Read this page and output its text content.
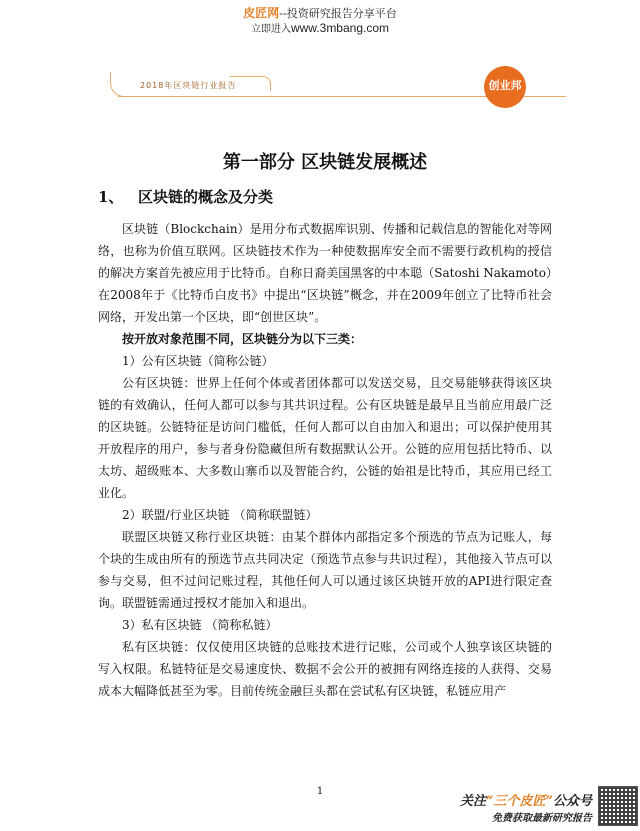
皮匠网--投资研究报告分享平台
立即进入www.3mbang.com
2018年区块链行业报告	创业邦
第一部分 区块链发展概述
1、 区块链的概念及分类

区块链（Blockchain）是用分布式数据库识别、传播和记载信息的智能化对等网络，也称为价值互联网。区块链技术作为一种使数据库安全而不需要行政机构的授信的解决方案首先被应用于比特币。自称日裔美国黑客的中本聪（Satoshi Nakamoto）在2008年于《比特币白皮书》中提出“区块链”概念，并在2009年创立了比特币社会网络，开发出第一个区块，即“创世区块”。

按开放对象范围不同，区块链分为以下三类：

1）公有区块链（简称公链）

公有区块链：世界上任何个体或者团体都可以发送交易，且交易能够获得该区块链的有效确认，任何人都可以参与其共识过程。公有区块链是最早且当前应用最广泛的区块链。公链特征是访问门槛低，任何人都可以自由加入和退出；可以保护使用其开放程序的用户，参与者身份隐藏但所有数据默认公开。公链的应用包括比特币、以太坊、超级账本、大多数山寨币以及智能合约，公链的始祖是比特币，其应用已经工业化。

2）联盟/行业区块链 （简称联盟链）

联盟区块链又称行业区块链：由某个群体内部指定多个预选的节点为记账人，每个块的生成由所有的预选节点共同决定（预选节点参与共识过程），其他接入节点可以参与交易，但不过问记账过程，其他任何人可以通过该区块链开放的API进行限定查询。联盟链需通过授权才能加入和退出。

3）私有区块链 （简称私链）

私有区块链：仅仅使用区块链的总账技术进行记账，公司或个人独享该区块链的写入权限。私链特征是交易速度快、数据不会公开的被拥有网络连接的人获得、交易成本大幅降低甚至为零。目前传统金融巨头都在尝试私有区块链，私链应用产

1
关注“三个皮匠”公众号
免费获取最新研究报告
